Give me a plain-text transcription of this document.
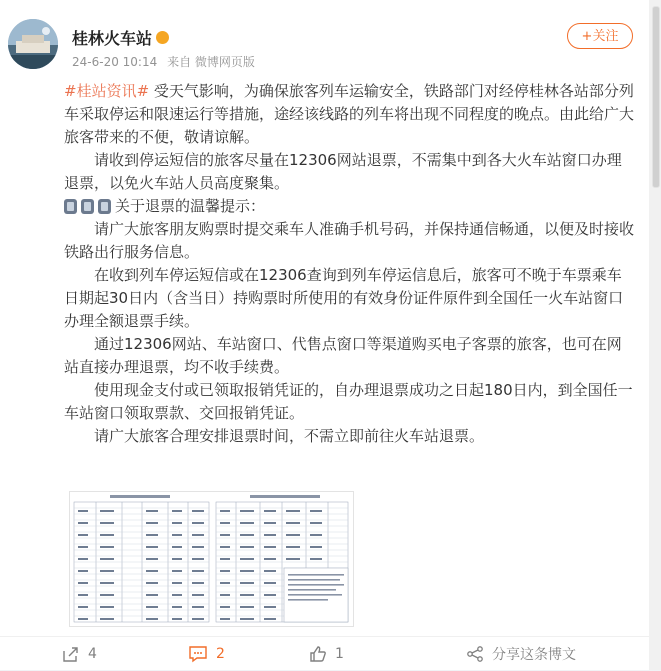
桂林火车站
24-6-20 10:14 来自 微博网页版
+关注

#桂站资讯# 受天气影响，为确保旅客列车运输安全，铁路部门对经停桂林各站部分列车采取停运和限速运行等措施，途经该线路的列车将出现不同程度的晚点。由此给广大旅客带来的不便，敬请谅解。

请收到停运短信的旅客尽量在12306网站退票，不需集中到各大火车站窗口办理退票，以免火车站人员高度聚集。

关于退票的温馨提示：

请广大旅客朋友购票时提交乘车人准确手机号码，并保持通信畅通，以便及时接收铁路出行服务信息。

在收到列车停运短信或在12306查询到列车停运信息后，旅客可不晚于车票乘车日期起30日内（含当日）持购票时所使用的有效身份证件原件到全国任一火车站窗口办理全额退票手续。

通过12306网站、车站窗口、代售点窗口等渠道购买电子客票的旅客，也可在网站直接办理退票，均不收手续费。

使用现金支付或已领取报销凭证的，自办理退票成功之日起180日内，到全国任一车站窗口领取票款、交回报销凭证。

请广大旅客合理安排退票时间，不需立即前往火车站退票。

4	2	1	分享这条博文
